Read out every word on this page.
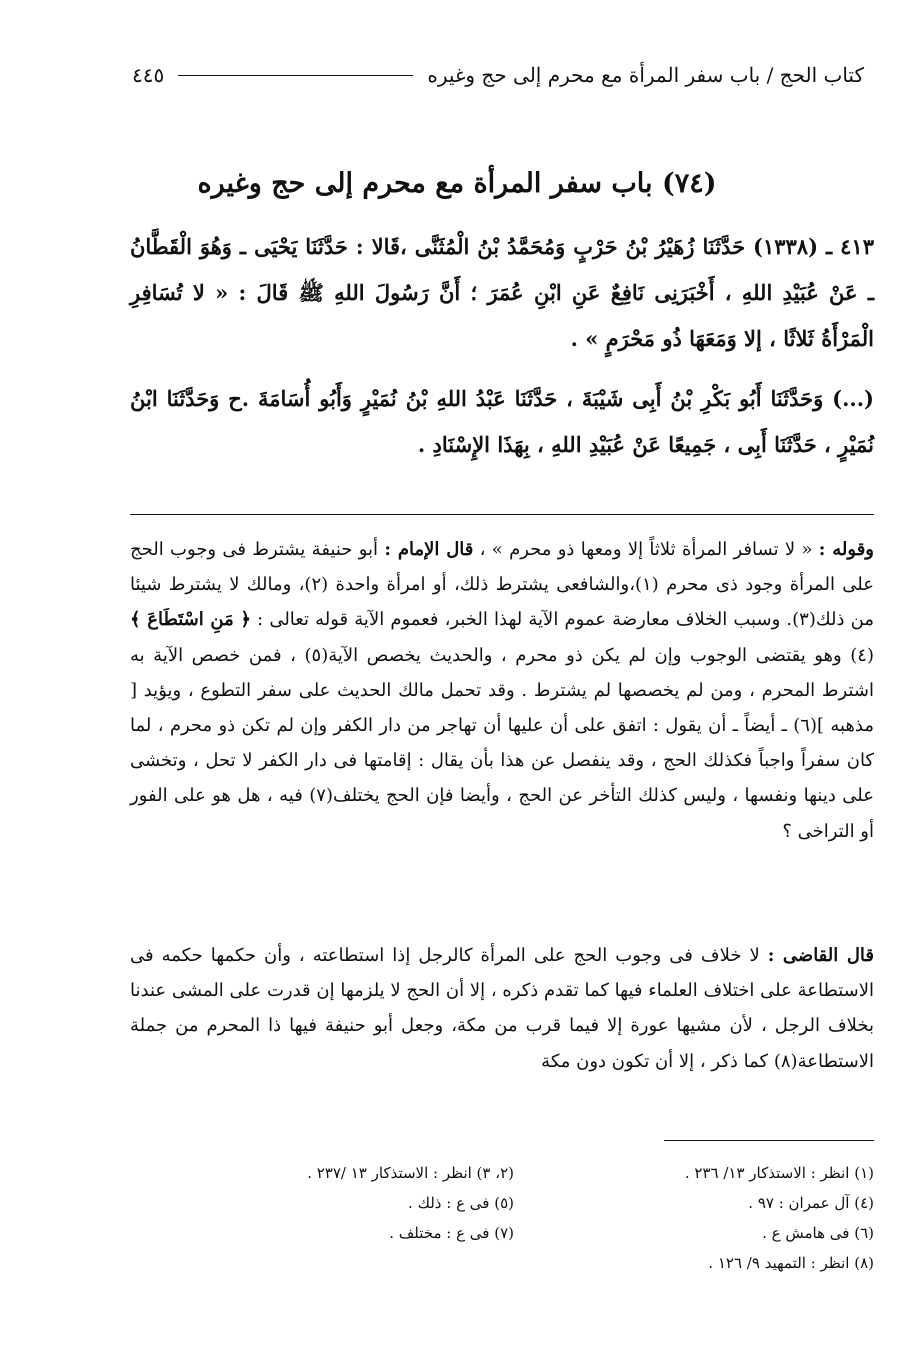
كتاب الحج / باب سفر المرأة مع محرم إلى حج وغيره
٤٤٥
(٧٤) باب سفر المرأة مع محرم إلى حج وغيره

٤١٣ ـ (١٣٣٨) حَدَّثَنَا زُهَيْرُ بْنُ حَرْبٍ وَمُحَمَّدُ بْنُ الْمُثَنَّى ،قَالا : حَدَّثَنَا يَحْيَى ـ وَهُوَ الْقَطَّانُ ـ عَنْ عُبَيْدِ اللهِ ، أَخْبَرَنِى نَافِعٌ عَنِ ابْنِ عُمَرَ ؛ أَنَّ رَسُولَ اللهِ ﷺ قَالَ : « لا تُسَافِرِ الْمَرْأَةُ ثَلاثًا ، إلا وَمَعَهَا ذُو مَحْرَمٍ » .

(...) وَحَدَّثَنَا أَبُو بَكْرِ بْنُ أَبِى شَيْبَةَ ، حَدَّثَنَا عَبْدُ اللهِ بْنُ نُمَيْرٍ وَأَبُو أُسَامَةَ .ح وَحَدَّثَنَا ابْنُ نُمَيْرٍ ، حَدَّثَنَا أَبِى ، جَمِيعًا عَنْ عُبَيْدِ اللهِ ، بِهَذَا الإِسْنَادِ .

وقوله : « لا تسافر المرأة ثلاثاً إلا ومعها ذو محرم » ، قال الإمام : أبو حنيفة يشترط فى وجوب الحج على المرأة وجود ذى محرم (١)،والشافعى يشترط ذلك، أو امرأة واحدة (٢)، ومالك لا يشترط شيئا من ذلك(٣). وسبب الخلاف معارضة عموم الآية لهذا الخبر، فعموم الآية قوله تعالى : ﴿ مَنِ اسْتَطَاعَ ﴾(٤) وهو يقتضى الوجوب وإن لم يكن ذو محرم ، والحديث يخصص الآية(٥) ، فمن خصص الآية به اشترط المحرم ، ومن لم يخصصها لم يشترط . وقد تحمل مالك الحديث على سفر التطوع ، ويؤيد [ مذهبه ](٦) ـ أيضاً ـ أن يقول : اتفق على أن عليها أن تهاجر من دار الكفر وإن لم تكن ذو محرم ، لما كان سفراً واجباً فكذلك الحج ، وقد ينفصل عن هذا بأن يقال : إقامتها فى دار الكفر لا تحل ، وتخشى على دينها ونفسها ، وليس كذلك التأخر عن الحج ، وأيضا فإن الحج يختلف(٧) فيه ، هل هو على الفور أو التراخى ؟

قال القاضى : لا خلاف فى وجوب الحج على المرأة كالرجل إذا استطاعته ، وأن حكمها حكمه فى الاستطاعة على اختلاف العلماء فيها كما تقدم ذكره ، إلا أن الحج لا يلزمها إن قدرت على المشى عندنا بخلاف الرجل ، لأن مشيها عورة إلا فيما قرب من مكة، وجعل أبو حنيفة فيها ذا المحرم من جملة الاستطاعة(٨) كما ذكر ، إلا أن تكون دون مكة

(١) انظر : الاستذكار ١٣/ ٢٣٦ .
(٤) آل عمران : ٩٧ .
(٦) فى هامش ع .
(٨) انظر : التمهيد ٩/ ١٢٦ .
(٢، ٣) انظر : الاستذكار ١٣ /٢٣٧ .
(٥) فى ع : ذلك .
(٧) فى ع : مختلف .
